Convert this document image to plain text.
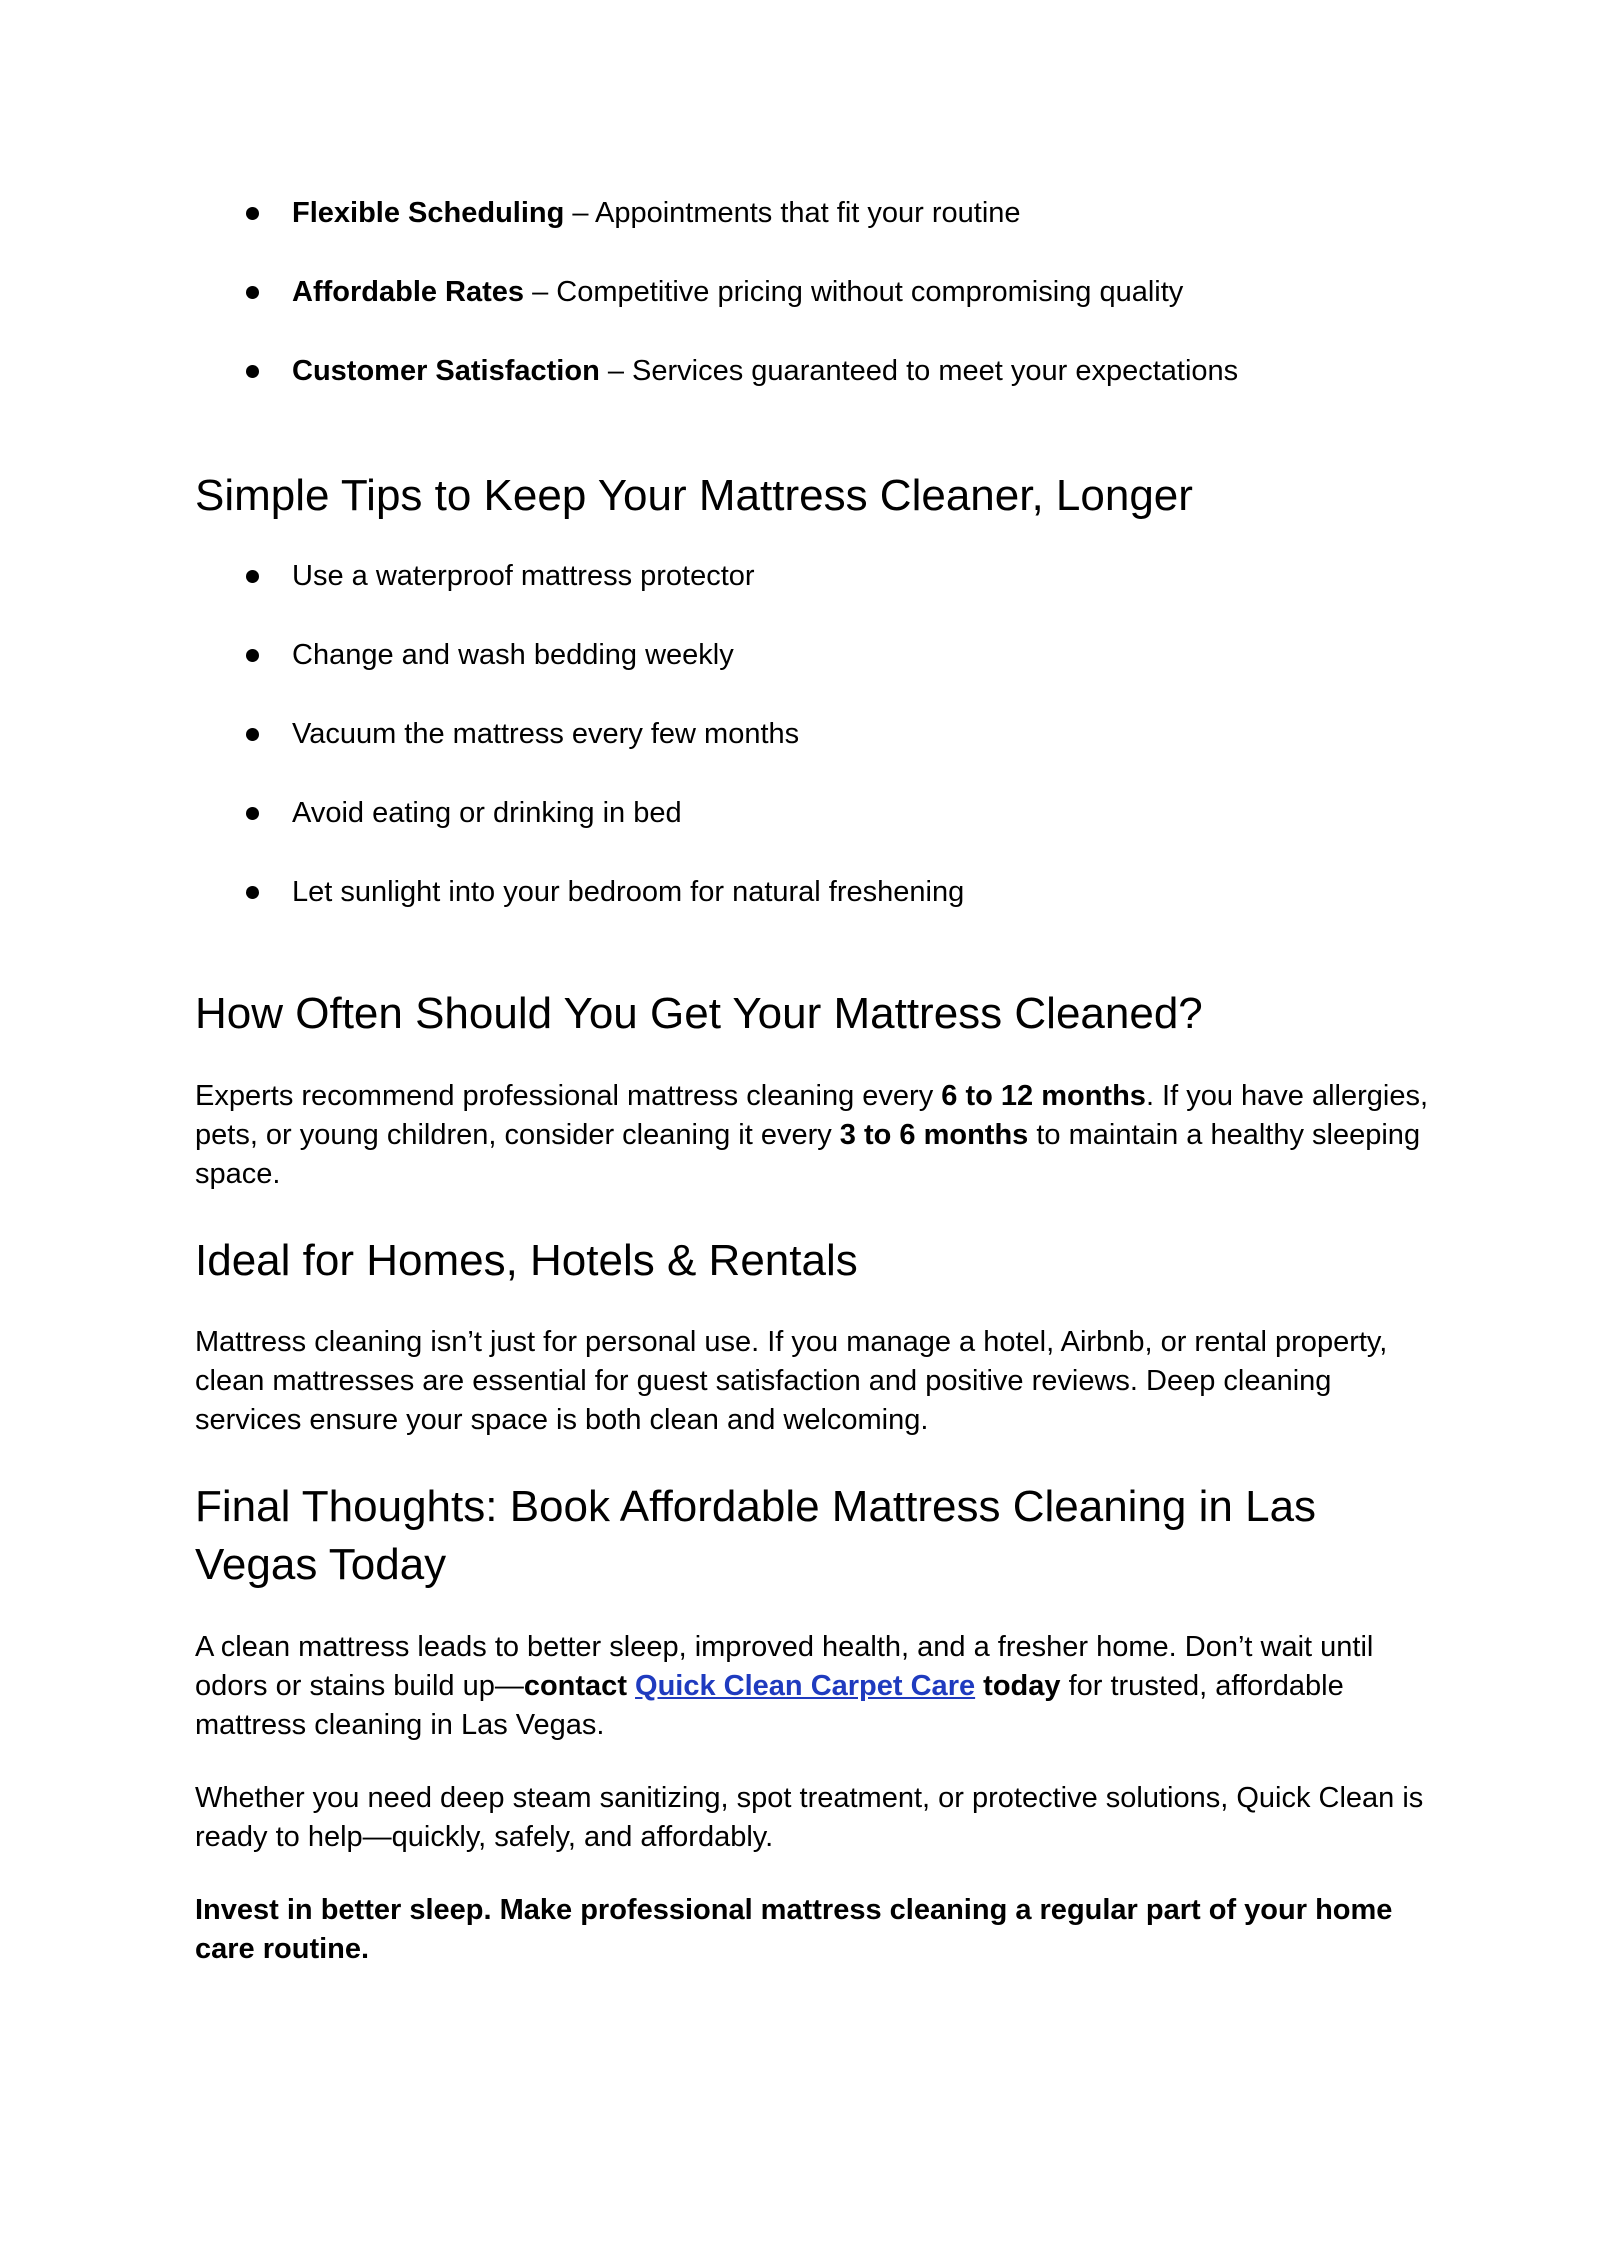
Flexible Scheduling – Appointments that fit your routine
Affordable Rates – Competitive pricing without compromising quality
Customer Satisfaction – Services guaranteed to meet your expectations
Simple Tips to Keep Your Mattress Cleaner, Longer
Use a waterproof mattress protector
Change and wash bedding weekly
Vacuum the mattress every few months
Avoid eating or drinking in bed
Let sunlight into your bedroom for natural freshening
How Often Should You Get Your Mattress Cleaned?

Experts recommend professional mattress cleaning every 6 to 12 months. If you have allergies, pets, or young children, consider cleaning it every 3 to 6 months to maintain a healthy sleeping space.

Ideal for Homes, Hotels & Rentals

Mattress cleaning isn’t just for personal use. If you manage a hotel, Airbnb, or rental property, clean mattresses are essential for guest satisfaction and positive reviews. Deep cleaning services ensure your space is both clean and welcoming.

Final Thoughts: Book Affordable Mattress Cleaning in Las
Vegas Today

A clean mattress leads to better sleep, improved health, and a fresher home. Don’t wait until odors or stains build up—contact Quick Clean Carpet Care today for trusted, affordable mattress cleaning in Las Vegas.

Whether you need deep steam sanitizing, spot treatment, or protective solutions, Quick Clean is ready to help—quickly, safely, and affordably.

Invest in better sleep. Make professional mattress cleaning a regular part of your home care routine.
